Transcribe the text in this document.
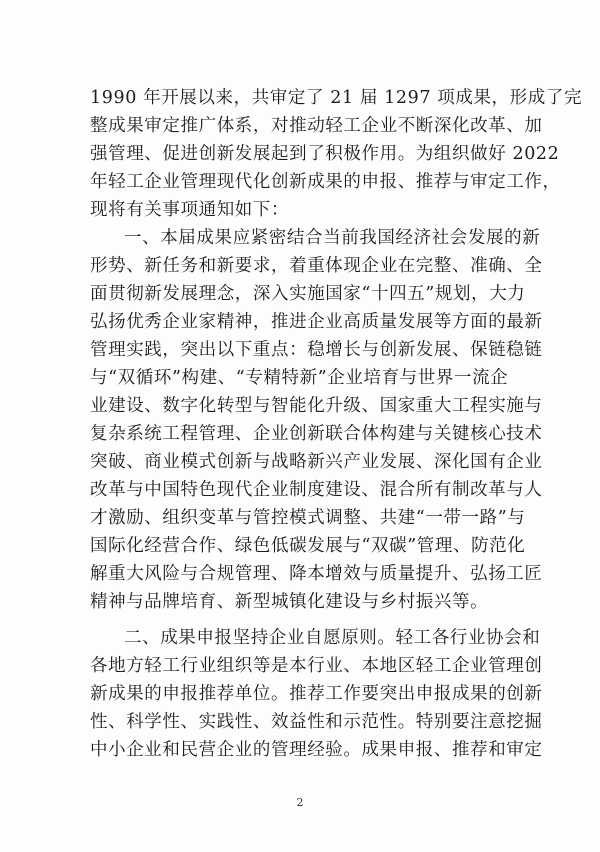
1990 年开展以来，共审定了 21 届 1297 项成果，形成了完
整成果审定推广体系，对推动轻工企业不断深化改革、加
强管理、促进创新发展起到了积极作用。为组织做好 2022
年轻工企业管理现代化创新成果的申报、推荐与审定工作，
现将有关事项通知如下：
一、本届成果应紧密结合当前我国经济社会发展的新
形势、新任务和新要求，着重体现企业在完整、准确、全
面贯彻新发展理念，深入实施国家“十四五”规划，大力
弘扬优秀企业家精神，推进企业高质量发展等方面的最新
管理实践，突出以下重点：稳增长与创新发展、保链稳链
与“双循环”构建、“专精特新”企业培育与世界一流企
业建设、数字化转型与智能化升级、国家重大工程实施与
复杂系统工程管理、企业创新联合体构建与关键核心技术
突破、商业模式创新与战略新兴产业发展、深化国有企业
改革与中国特色现代企业制度建设、混合所有制改革与人
才激励、组织变革与管控模式调整、共建“一带一路”与
国际化经营合作、绿色低碳发展与“双碳”管理、防范化
解重大风险与合规管理、降本增效与质量提升、弘扬工匠
精神与品牌培育、新型城镇化建设与乡村振兴等。
二、成果申报坚持企业自愿原则。轻工各行业协会和
各地方轻工行业组织等是本行业、本地区轻工企业管理创
新成果的申报推荐单位。推荐工作要突出申报成果的创新
性、科学性、实践性、效益性和示范性。特别要注意挖掘
中小企业和民营企业的管理经验。成果申报、推荐和审定
2
